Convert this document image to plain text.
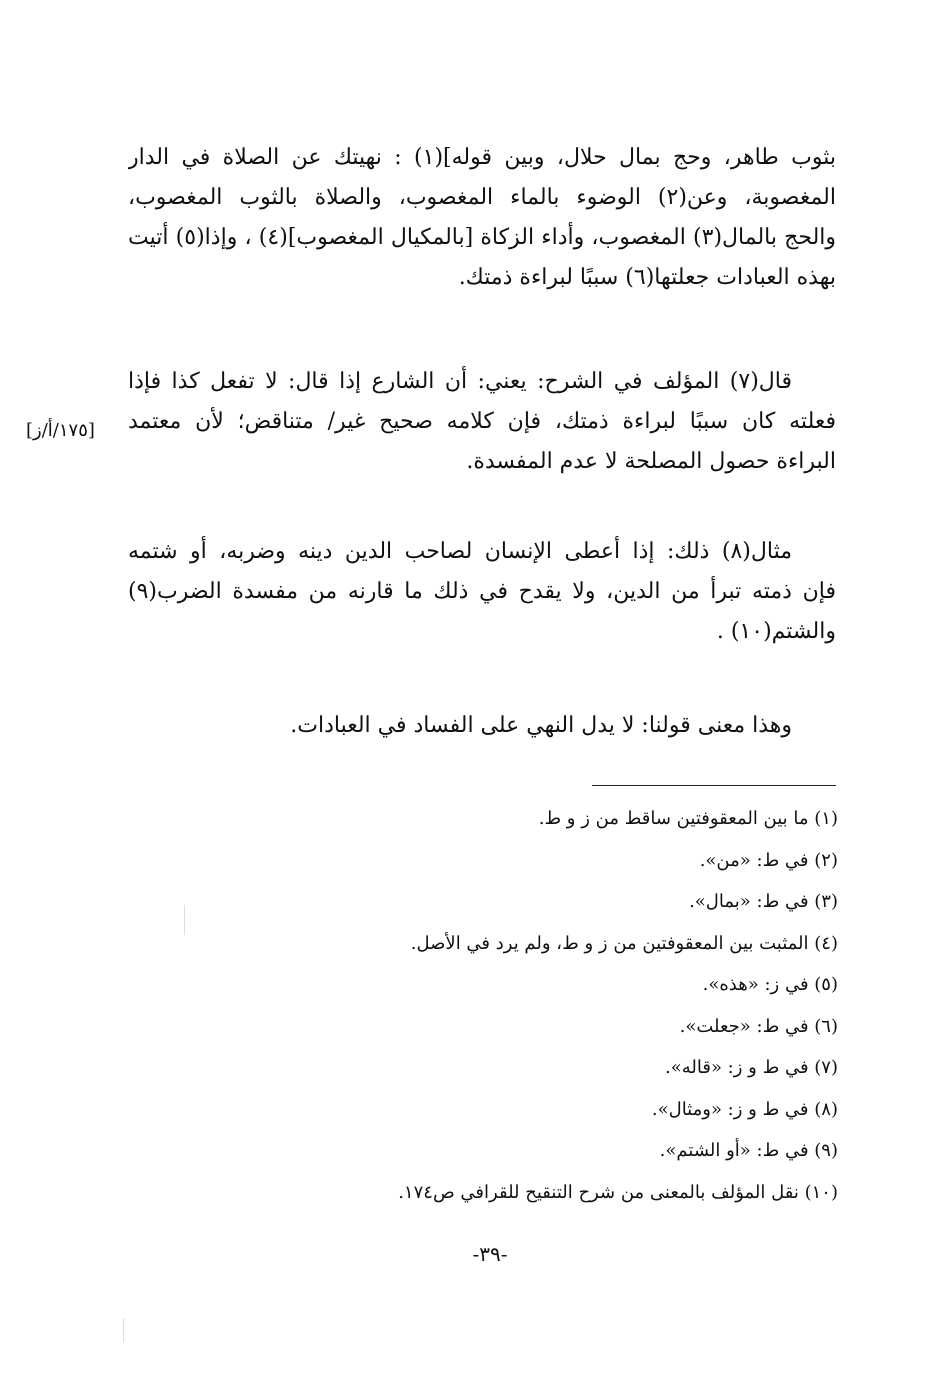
بثوب طاهر، وحج بمال حلال، وبين قوله](١) : نهيتك عن الصلاة في الدار
المغصوبة، وعن(٢) الوضوء بالماء المغصوب، والصلاة بالثوب المغصوب،
والحج بالمال(٣) المغصوب، وأداء الزكاة [بالمكيال المغصوب](٤) ، وإذا(٥) أتيت
بهذه العبادات جعلتها(٦) سببًا لبراءة ذمتك.
قال(٧) المؤلف في الشرح: يعني: أن الشارع إذا قال: لا تفعل كذا فإذا
فعلته كان سببًا لبراءة ذمتك، فإن كلامه صحيح غير/ متناقض؛ لأن معتمد
البراءة حصول المصلحة لا عدم المفسدة.
[١٧٥/أ/ز]
مثال(٨) ذلك: إذا أعطى الإنسان لصاحب الدين دينه وضربه، أو شتمه
فإن ذمته تبرأ من الدين، ولا يقدح في ذلك ما قارنه من مفسدة الضرب(٩)
والشتم(١٠) .
وهذا معنى قولنا: لا يدل النهي على الفساد في العبادات.
(١) ما بين المعقوفتين ساقط من ز و ط.
(٢) في ط: «من».
(٣) في ط: «بمال».
(٤) المثبت بين المعقوفتين من ز و ط، ولم يرد في الأصل.
(٥) في ز: «هذه».
(٦) في ط: «جعلت».
(٧) في ط و ز: «قاله».
(٨) في ط و ز: «ومثال».
(٩) في ط: «أو الشتم».
(١٠) نقل المؤلف بالمعنى من شرح التنقيح للقرافي ص١٧٤.
-٣٩-
